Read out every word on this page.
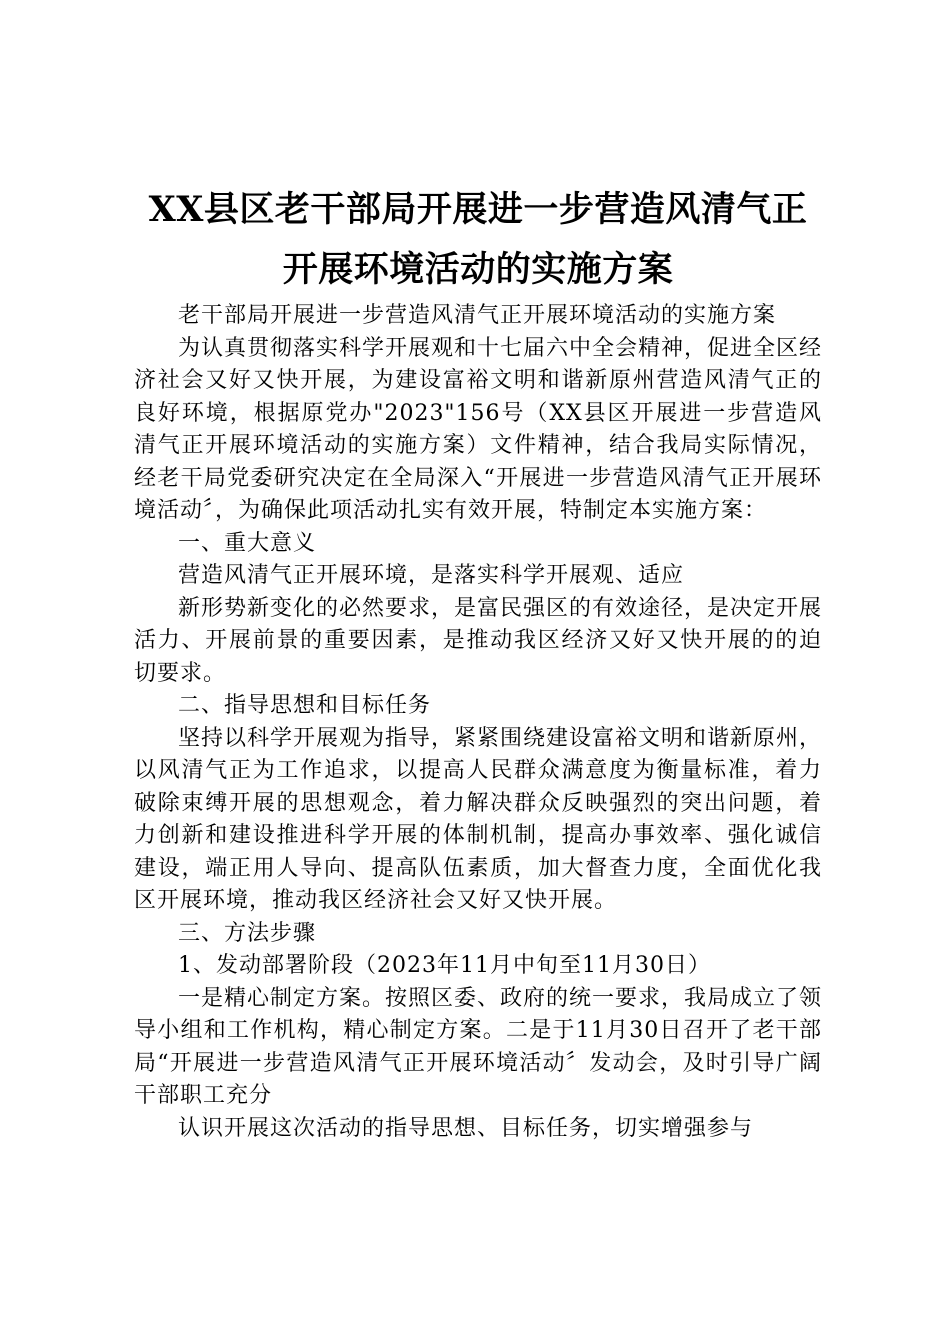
XX县区老干部局开展进一步营造风清气正开展环境活动的实施方案

老干部局开展进一步营造风清气正开展环境活动的实施方案

为认真贯彻落实科学开展观和十七届六中全会精神，促进全区经济社会又好又快开展，为建设富裕文明和谐新原州营造风清气正的良好环境，根据原党办"2023"156号（XX县区开展进一步营造风清气正开展环境活动的实施方案）文件精神，结合我局实际情况，经老干局党委研究决定在全局深入“开展进一步营造风清气正开展环境活动〞，为确保此项活动扎实有效开展，特制定本实施方案：

一、重大意义

营造风清气正开展环境，是落实科学开展观、适应

新形势新变化的必然要求，是富民强区的有效途径，是决定开展活力、开展前景的重要因素，是推动我区经济又好又快开展的的迫切要求。

二、指导思想和目标任务

坚持以科学开展观为指导，紧紧围绕建设富裕文明和谐新原州，以风清气正为工作追求，以提高人民群众满意度为衡量标准，着力破除束缚开展的思想观念，着力解决群众反映强烈的突出问题，着力创新和建设推进科学开展的体制机制，提高办事效率、强化诚信建设，端正用人导向、提高队伍素质，加大督查力度，全面优化我区开展环境，推动我区经济社会又好又快开展。

三、方法步骤

1、发动部署阶段（2023年11月中旬至11月30日）

一是精心制定方案。按照区委、政府的统一要求，我局成立了领导小组和工作机构，精心制定方案。二是于11月30日召开了老干部局“开展进一步营造风清气正开展环境活动〞发动会，及时引导广阔干部职工充分

认识开展这次活动的指导思想、目标任务，切实增强参与
